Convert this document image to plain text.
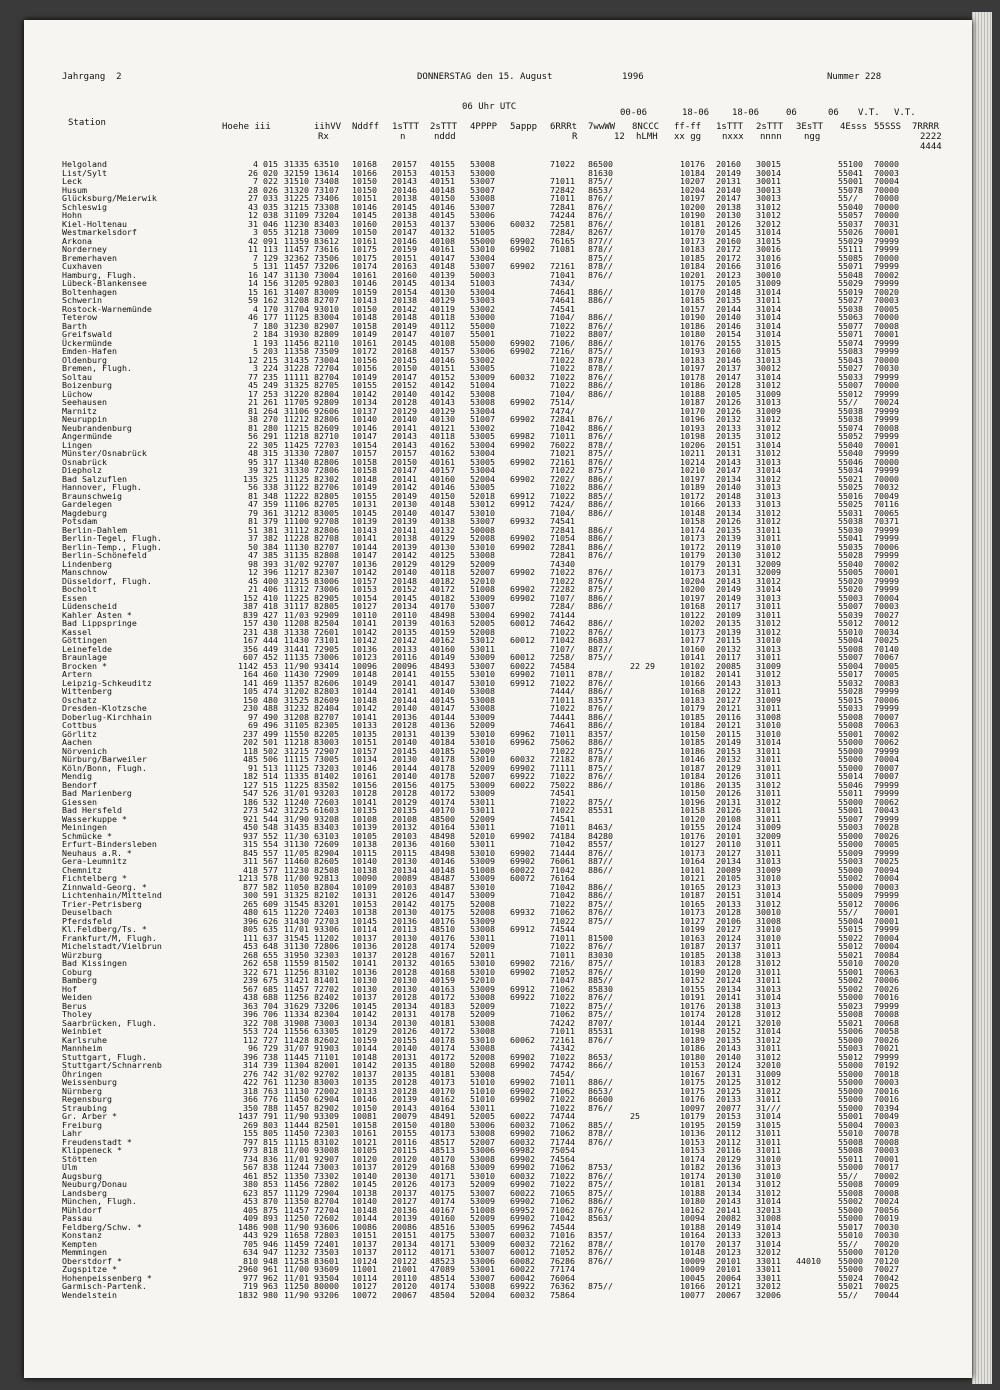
Jahrgang  2	DONNERSTAG den 15. August	1996	Nummer 228
06 Uhr UTC
00-06	18-06	18-06	06	06 V.T. V.T.
Station	Hoehe iii	iihVV Nddff 1sTTT 2sTTT 4PPPP 5appp 6RRRt 7wwWW 8NCCC ff-ff 1sTTT 2sTTT 3EsTT 4Esss 55SSS 7RRRR
Rx	n	nddd	R	12 hLMH xx gg nxxx nnnn ngg	2222
4444
Helgoland	4 015 31335 63510 10168 20157 40155 53008	71022 86500	10176 20160 30015	55100 70000
List/Sylt	26 020 32159 13614 10166 20153 40153 53000	81630	10184 20149 30014	55041 70003
Leck	7 022 31510 73408 10150 20143 40151 53007	71011 875//	10207 20131 30011	55001 70004
Husum	28 026 31320 73107 10150 20146 40148 53007	72842 8653/	10204 20140 30013	55078 70000
Glücksburg/Meierwik	27 033 31225 73406 10151 20138 40150 53008	71011 876//	10197 20147 30013	55// 70000
Schleswig	43 035 31215 73308 10146 20145 40146 53007	72841 876//	10200 20138 31012	55040 70000
Hohn	12 038 31109 73204 10145 20138 40145 53006	74244 876//	10190 20130 31012	55057 70000
Kiel-Holtenau	31 046 11230 83403 10160 20153 40137 53006 60032 72581 876//	10181 20126 32012	55037 70031
Westmarkelsdorf	3 055 31218 73009 10150 20147 40132 51005	7284/ 8267/	10170 20145 31014	55026 70001
Arkona	42 091 11359 83612 10161 20146 40108 55000 69902 76165 877//	10173 20160 31015	55029 79999
Norderney	11 113 11457 73616 10175 20159 40161 53010 69902 71081 878//	10183 20172 30016	55111 79999
Bremerhaven	7 129 32362 73506 10175 20151 40147 53004	875//	10185 20172 31016	55085 70000
Cuxhaven	5 131 11457 73206 10174 20163 40148 53007 69902 72161 878//	10184 20166 31016	55071 79999
Hamburg, Flugh.	16 147 31130 73004 10161 20160 40139 50003	71041 876//	10201 20123 30010	55048 70002
Lübeck-Blankensee	14 156 31205 92803 10146 20145 40134 51003	7434/	10175 20105 31009	55029 79999
Boltenhagen	15 161 31407 83009 10159 20154 40130 53004	74641 886//	10170 20148 31014	55019 70020
Schwerin	59 162 31208 82707 10143 20138 40129 53003	74641 886//	10185 20135 31011	55027 70003
Rostock-Warnemünde	4 170 31704 93010 10150 20142 40119 53002	74541	10157 20144 31014	55038 70005
Teterow	46 177 11125 83004 10148 20148 40118 53000	7104/ 886//	10190 20140 31014	55063 70000
Barth	7 180 31230 82907 10158 20149 40112 55000	71022 876//	10186 20146 31014	55077 70008
Greifswald	2 184 31930 82809 10149 20147 40107 55001	71022 8807/	10180 20154 31014	55071 70001
Ückermünde	1 193 11456 82110 10161 20145 40108 55000 69902 7106/ 886//	10176 20155 31015	55074 79999
Emden-Hafen	5 203 11358 73509 10172 20168 40157 53006 69902 7216/ 875//	10193 20160 31015	55083 79999
Oldenburg	12 215 31435 73004 10156 20145 40146 53002	71022 878//	10183 20146 31013	55043 70000
Bremen, Flugh.	3 224 31228 72704 10156 20150 40151 53005	71022 878//	10197 20137 30012	55027 70030
Soltau	77 235 11111 82704 10149 20147 40152 53009 60032 71022 876//	10178 20147 31014	55033 79999
Boizenburg	45 249 31325 82705 10155 20152 40142 51004	71022 886//	10186 20128 31012	55007 70000
Lüchow	17 253 31220 82804 10142 20140 40142 53008	7104/ 886//	10188 20105 31009	55012 79999
Seehausen	21 261 11705 92809 10134 20128 40143 53008 69902 7514/	10187 20126 31013	55// 70024
Marnitz	81 264 31106 92606 10137 20129 40129 53004	7474/	10170 20126 31009	55038 79999
Neuruppin	38 270 11212 82806 10140 20140 40130 51007 69902 72841 876//	10196 20132 31012	55038 79999
Neubrandenburg	81 280 11215 82609 10146 20141 40121 53002	71042 886//	10193 20133 31012	55074 70008
Angermünde	56 291 11218 82710 10147 20143 40118 53005 69982 71011 876//	10198 20135 31012	55052 79999
Lingen	22 305 11425 72703 10154 20143 40162 53004 69902 76022 878//	10206 20151 31014	55040 70001
Münster/Osnabrück	48 315 31330 72807 10157 20157 40162 53004	71021 875//	10211 20131 31012	55040 79999
Osnabrück	95 317 11340 82806 10158 20150 40161 53005 69902 72161 876//	10214 20143 31013	55046 70000
Diepholz	39 321 31330 72806 10158 20147 40157 53004	71022 875//	10210 20147 31014	55034 79999
Bad Salzuflen	135 325 11125 82302 10148 20141 40160 52004 69902 7202/ 886//	10197 20134 31012	55021 70000
Hannover, Flugh.	56 338 31122 82706 10149 20142 40146 53005	71022 886//	10189 20140 31013	55025 70032
Braunschweig	81 348 11222 82805 10155 20149 40150 52018 69912 71022 885//	10172 20148 31013	55016 70049
Gardelegen	47 359 11106 82705 10131 20130 40148 53012 69912 7424/ 886//	10166 20133 31013	55025 70116
Magdeburg	79 361 31212 83005 10145 20140 40147 53010	7104/ 886//	10148 20134 31012	55031 70065
Potsdam	81 379 11100 92708 10139 20139 40138 53007 69932 74541	10158 20126 31012	55038 70371
Berlin-Dahlem	51 381 31112 82806 10143 20141 40132 50008	72841 886//	10174 20135 31011	55030 79999
Berlin-Tegel, Flugh.	37 382 11228 82708 10141 20138 40129 52008 69902 71054 886//	10173 20139 31011	55041 79999
Berlin-Temp., Flugh.	50 384 11130 82707 10144 20139 40130 53010 69902 72841 886//	10172 20119 31010	55035 70006
Berlin-Schönefeld	47 385 31135 82808 10147 20142 40125 53008	72841 876//	10179 20130 31012	55028 79999
Lindenberg	98 393 31/02 92707 10136 20129 40129 52009	74340	10179 20131 32009	55040 70002
Manschnow	12 396 11217 82307 10142 20140 40118 52007 69902 71022 876//	10173 20131 32009	55005 70001
Düsseldorf, Flugh.	45 400 31215 83006 10157 20148 40182 52010	71022 876//	10204 20143 31012	55020 79999
Bocholt	21 406 11312 73006 10153 20152 40172 51008 69902 72282 875//	10200 20149 31014	55020 79999
Essen	152 410 11225 82905 10154 20145 40182 53009 69902 7107/ 886//	10197 20149 31013	55003 70004
Lüdenscheid	387 418 31117 82805 10127 20134 40170 53007	7284/ 886//	10168 20117 31011	55007 70003
Kahler Asten *	839 427 11/03 92909 10110 20110 48498 53004 69902 74144	10122 20109 31011	55039 70027
Bad Lippspringe	157 430 11208 82504 10141 20139 40163 52005 60012 74642 886//	10202 20135 31012	55012 70012
Kassel	231 438 31338 72601 10142 20135 40159 52008	71022 876//	10173 20139 31012	55010 70034
Göttingen	167 444 11430 73101 10142 20142 40162 53012 60012 71042 8683/	10177 20115 31010	55004 70025
Leinefelde	356 449 31441 72905 10136 20133 40160 53011	7107/ 887//	10160 20132 31013	55008 70140
Braunlage	607 452 11135 73006 10123 20116 40149 53009 60012 7258/ 875//	10141 20117 31011	55007 70067
Brocken *	1142 453 11/90 93414 10096 20096 48493 53007 60022 74584	22 29	10102 20085 31009	55004 70005
Artern	164 460 11430 72909 10148 20141 40155 53010 69902 71011 878//	10182 20141 31012	55017 70005
Leipzig-Schkeuditz	141 469 11357 82606 10149 20141 40147 53010 69912 71022 876//	10166 20143 31013	55032 70083
Wittenberg	105 474 31202 82803 10144 20141 40140 53008	7444/ 886//	10168 20122 31011	55028 79999
Oschatz	150 480 31525 82609 10148 20144 40145 53008	71011 8357/	10183 20127 31009	55015 70006
Dresden-Klotzsche	230 488 31232 82404 10142 20140 40147 53008	71022 876//	10179 20121 31011	55033 79999
Doberlug-Kirchhain	97 490 31208 82707 10141 20136 40144 53009	74441 886//	10185 20116 31008	55008 70007
Cottbus	69 496 31105 82305 10133 20128 40136 52009	74641 886//	10184 20121 31010	55008 70063
Görlitz	237 499 11550 82205 10135 20131 40139 53010 69962 71011 8357/	10150 20115 31010	55001 70002
Aachen	202 501 11218 83003 10151 20140 40184 53010 69962 75062 886//	10185 20149 31014	55000 70062
Nörvenich	118 502 31215 72907 10157 20145 40185 52009	71022 875//	10186 20153 31011	55000 79999
Nürburg/Barweiler	485 506 11115 73005 10134 20130 40178 53010 60032 72182 878//	10146 20132 31011	55000 70004
Köln/Bonn, Flugh.	91 513 11125 73203 10146 20144 40178 52009 69902 71111 875//	10187 20129 31011	55000 70007
Mendig	182 514 11335 81402 10161 20140 40178 52007 69922 71022 876//	10184 20126 31011	55014 70007
Bendorf	127 515 11225 83502 10156 20156 40175 53009 60022 75022 886//	10186 20135 31012	55046 79999
Bad Marienberg	547 526 31/01 93203 10128 20128 40172 53009	74541	10150 20126 31011	55011 79999
Giessen	186 532 11240 72603 10141 20129 40174 53011	71022 875//	10196 20131 31012	55000 70062
Bad Hersfeld	273 542 31225 61603 10135 20135 40170 53011	71022 85531	10158 20126 31011	55001 70043
Wasserkuppe *	921 544 31/90 93208 10108 20108 48500 52009	74541	10120 20108 31011	55007 79999
Meiningen	450 548 31435 83403 10139 20132 40164 53011	71011 8463/	10155 20124 31009	55003 70028
Schmücke *	937 552 11/30 63103 10105 20103 48498 52010 69902 74184 84280	10176 20101 32009	55000 70026
Erfurt-Bindersleben	315 554 31130 72609 10138 20136 40160 53011	71042 8557/	10127 20110 31011	55000 70005
Neuhaus a.R. *	845 557 11/05 82904 10115 20115 48498 53010 69902 71444 876//	10173 20127 31011	55009 79999
Gera-Leumnitz	311 567 11460 82605 10140 20130 40146 53009 69902 76061 887//	10164 20134 31013	55003 70025
Chemnitz	418 577 11230 82508 10138 20134 40148 51008 60022 71042 886//	10101 20089 31009	55000 70094
Fichtelberg *	1213 578 11/00 92813 10090 20089 48487 53009 60072 76164	10121 20105 31010	55002 70004
Zinnwald-Georg. *	877 582 11050 82804 10109 20103 48487 53010	71042 886//	10165 20123 31013	55000 70003
Lichtenhain/Mittelnd	300 591 31325 82102 10131 20126 40147 53009	71042 886//	10187 20151 31014	55009 79999
Trier-Petrisberg	265 609 31545 83201 10153 20142 40175 52008	71022 875//	10165 20133 31012	55012 70006
Deuselbach	480 615 11220 72403 10138 20130 40175 52008 69932 71062 876//	10173 20128 30010	55// 70001
Pferdsfeld	396 626 31430 72703 10145 20136 40176 53009	71022 875//	10127 20106 31008	55004 70001
Kl.Feldberg/Ts. *	805 635 11/01 93306 10114 20113 48510 53008 69912 74544	10199 20127 31010	55015 79999
Frankfurt/M, Flugh.	111 637 31545 11202 10137 20130 40176 53011	71011 81500	10163 20124 31010	55022 70004
Michelstadt/Vielbrun	453 648 31130 72806 10136 20128 40174 52009	71022 876//	10187 20137 31011	55012 70004
Würzburg	268 655 31950 32303 10137 20128 40167 52011	71011 83030	10185 20138 31013	55021 70084
Bad Kissingen	262 658 11559 81502 10141 20132 40165 53010 69902 7216/ 875//	10183 20128 31012	55010 70020
Coburg	322 671 11256 83102 10136 20128 40168 53010 69902 71052 876//	10190 20120 31011	55001 70063
Bamberg	239 675 31421 81401 10130 20130 40159 52010	71047 885//	10152 20124 31011	55002 70006
Hof	567 685 11457 72702 10130 20130 40163 53009 69912 71062 85830	10155 20134 31013	55002 70026
Weiden	438 688 11256 82402 10137 20128 40172 53008 69922 71022 876//	10191 20141 31014	55000 70016
Berus	363 704 31629 73206 10145 20134 40183 52009	71022 875//	10176 20138 31013	55023 79999
Tholey	396 706 11334 82304 10142 20131 40178 52009	71062 875//	10174 20128 31012	55008 70008
Saarbrücken, Flugh.	322 708 31908 73003 10134 20130 40181 53008	74242 8707/	10144 20121 32010	55021 70068
Weinbiet	553 724 11556 63305 10129 20126 40172 53008	71011 85531	10198 20152 31014	55006 70058
Karlsruhe	112 727 11428 82602 10159 20155 40178 53010 60062 72161 876//	10189 20135 31012	55000 70026
Mannheim	96 729 31/07 91903 10144 20140 40174 53008	74342	10186 20143 31011	55003 70021
Stuttgart, Flugh.	396 738 11445 71101 10148 20131 40172 52008 69902 71022 8653/	10180 20140 31012	55012 79999
Stuttgart/Schnarrenb	314 739 11304 82001 10142 20135 40180 52008 69902 74742 866//	10153 20124 32010	55000 70192
Öhringen	276 742 31/02 92702 10137 20135 40181 53008	7454/	10167 20131 31009	55000 70018
Weissenburg	422 761 11230 83003 10135 20128 40173 51010 69902 71011 886//	10175 20125 31012	55000 70003
Nürnberg	318 763 11130 72002 10133 20128 40170 51010 69902 71062 8653/	10175 20125 31012	55000 70016
Regensburg	366 776 11450 62904 10146 20139 40162 51010 69902 71022 86600	10176 20133 31011	55000 70016
Straubing	350 788 11457 82902 10150 20143 40164 53011	71022 876//	10097 20077 31///	55000 70394
Gr. Arber *	1437 791 11/90 93309 10081 20079 48491 52005 60022 74744	25	10179 20153 31014	55001 70049
Freiburg	269 803 11444 82501 10158 20150 40180 53006 60032 71062 885//	10195 20159 31015	55004 70003
Lahr	155 805 11450 72303 10161 20155 40173 53008 69902 71062 878//	10136 20112 31011	55010 70078
Freudenstadt *	797 815 11115 83102 10121 20116 48517 52007 60032 71744 876//	10153 20112 31011	55008 70008
Klippeneck *	973 818 11/00 93008 10105 20115 48513 53006 69982 75054	10153 20116 31011	55008 70003
Stötten	734 836 11/01 92907 10120 20120 40170 53008 69902 74564	10174 20129 31010	55011 70001
Ulm	567 838 11244 73003 10137 20129 40168 53009 69902 71062 8753/	10182 20136 31013	55000 70017
Augsburg	461 852 11350 73302 10140 20130 40171 53010 60032 71022 876//	10174 20130 31010	55// 70002
Neuburg/Donau	380 853 11456 72802 10145 20126 40173 52009 69902 71022 875//	10181 20134 31012	55008 70009
Landsberg	623 857 11129 72904 10138 20137 40175 53007 60022 71065 875//	10188 20134 31012	55008 70008
München, Flugh.	453 870 11350 82704 10140 20127 40174 53009 69902 71062 886//	10180 20143 31014	55002 70024
Mühldorf	405 875 11457 72704 10148 20136 40167 51008 69952 71062 876//	10162 20141 32013	55000 70056
Passau	409 893 11250 72602 10144 20139 40160 52009 69902 71042 8563/	10094 20082 31008	55000 70019
Feldberg/Schw. *	1486 908 11/90 93606 10086 20086 48516 53005 69962 74544	10188 20149 31014	55017 70030
Konstanz	443 929 11658 72803 10151 20151 40175 53007 60032 71016 8357/	10164 20133 32013	55010 70030
Kempten	705 946 11459 72401 10137 20134 40171 53009 60032 72162 878//	10170 20137 31014	55// 70020
Memmingen	634 947 11232 73503 10137 20112 40171 53007 60012 71052 876//	10148 20123 32012	55000 70120
Oberstdorf *	810 948 11258 83601 10124 20122 48523 53006 60082 76286 876//	10009 20101 33011 44010 55000 70120
Zugspitze *	2960 961 11/00 93609 11001 21001 47089 53001 60022 77174	10009 20101 33011	55000 70027
Hohenpeissenberg *	977 962 11/01 93504 10114 20110 48514 53007 60042 76064	10045 20064 33011	55024 70042
Garmisch-Partenk.	719 963 11250 80000 10127 20120 40174 53008 69922 76362 875//	10166 20121 32012	55021 70025
Wendelstein	1832 980 11/90 93206 10072 20067 48504 52004 60032 75864	10077 20067 32006	55// 70044
